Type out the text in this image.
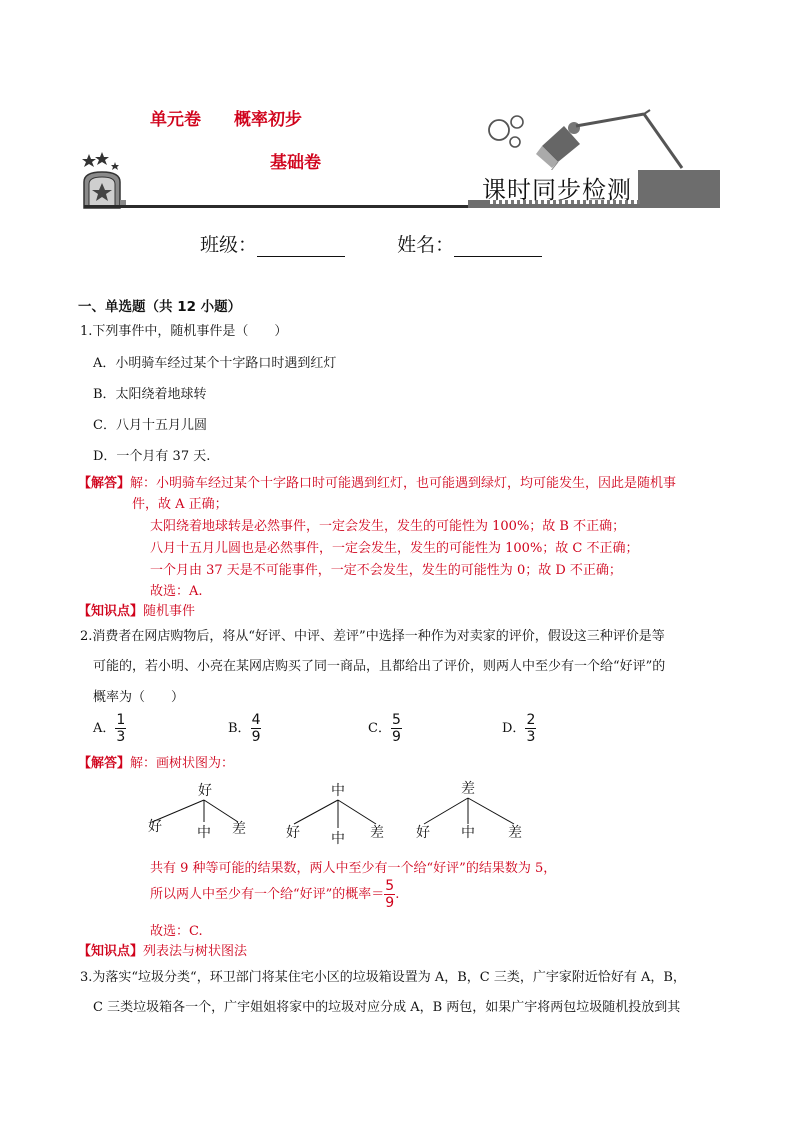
课时同步检测
单元卷 概率初步
基础卷
班级：	姓名：
一、单选题（共 12 小题）
1.下列事件中，随机事件是（　　）
A．小明骑车经过某个十字路口时遇到红灯
B．太阳绕着地球转
C．八月十五月儿圆
D．一个月有 37 天.
【解答】解：小明骑车经过某个十字路口时可能遇到红灯，也可能遇到绿灯，均可能发生，因此是随机事
件，故 A 正确；
太阳绕着地球转是必然事件，一定会发生，发生的可能性为 100%；故 B 不正确；
八月十五月儿圆也是必然事件，一定会发生，发生的可能性为 100%；故 C 不正确；
一个月由 37 天是不可能事件，一定不会发生，发生的可能性为 0；故 D 不正确；
故选：A.
【知识点】随机事件
2.消费者在网店购物后，将从“好评、中评、差评”中选择一种作为对卖家的评价，假设这三种评价是等
可能的，若小明、小亮在某网店购买了同一商品，且都给出了评价，则两人中至少有一个给“好评”的
概率为（　　）
A． $\frac{1}{3}$	B． $\frac{4}{9}$	C． $\frac{5}{9}$	D． $\frac{2}{3}$
【解答】解：画树状图为：
好
好	中 差
中
好 中 差
差
好 中 差
共有 9 种等可能的结果数，两人中至少有一个给“好评”的结果数为 5，
所以两人中至少有一个给“好评”的概率＝ $\frac{5}{9}$ .
故选：C.
【知识点】列表法与树状图法
3.为落实“垃圾分类“，环卫部门将某住宅小区的垃圾箱设置为 A，B，C 三类，广宇家附近恰好有 A，B，
C 三类垃圾箱各一个，广宇姐姐将家中的垃圾对应分成 A，B 两包，如果广宇将两包垃圾随机投放到其
